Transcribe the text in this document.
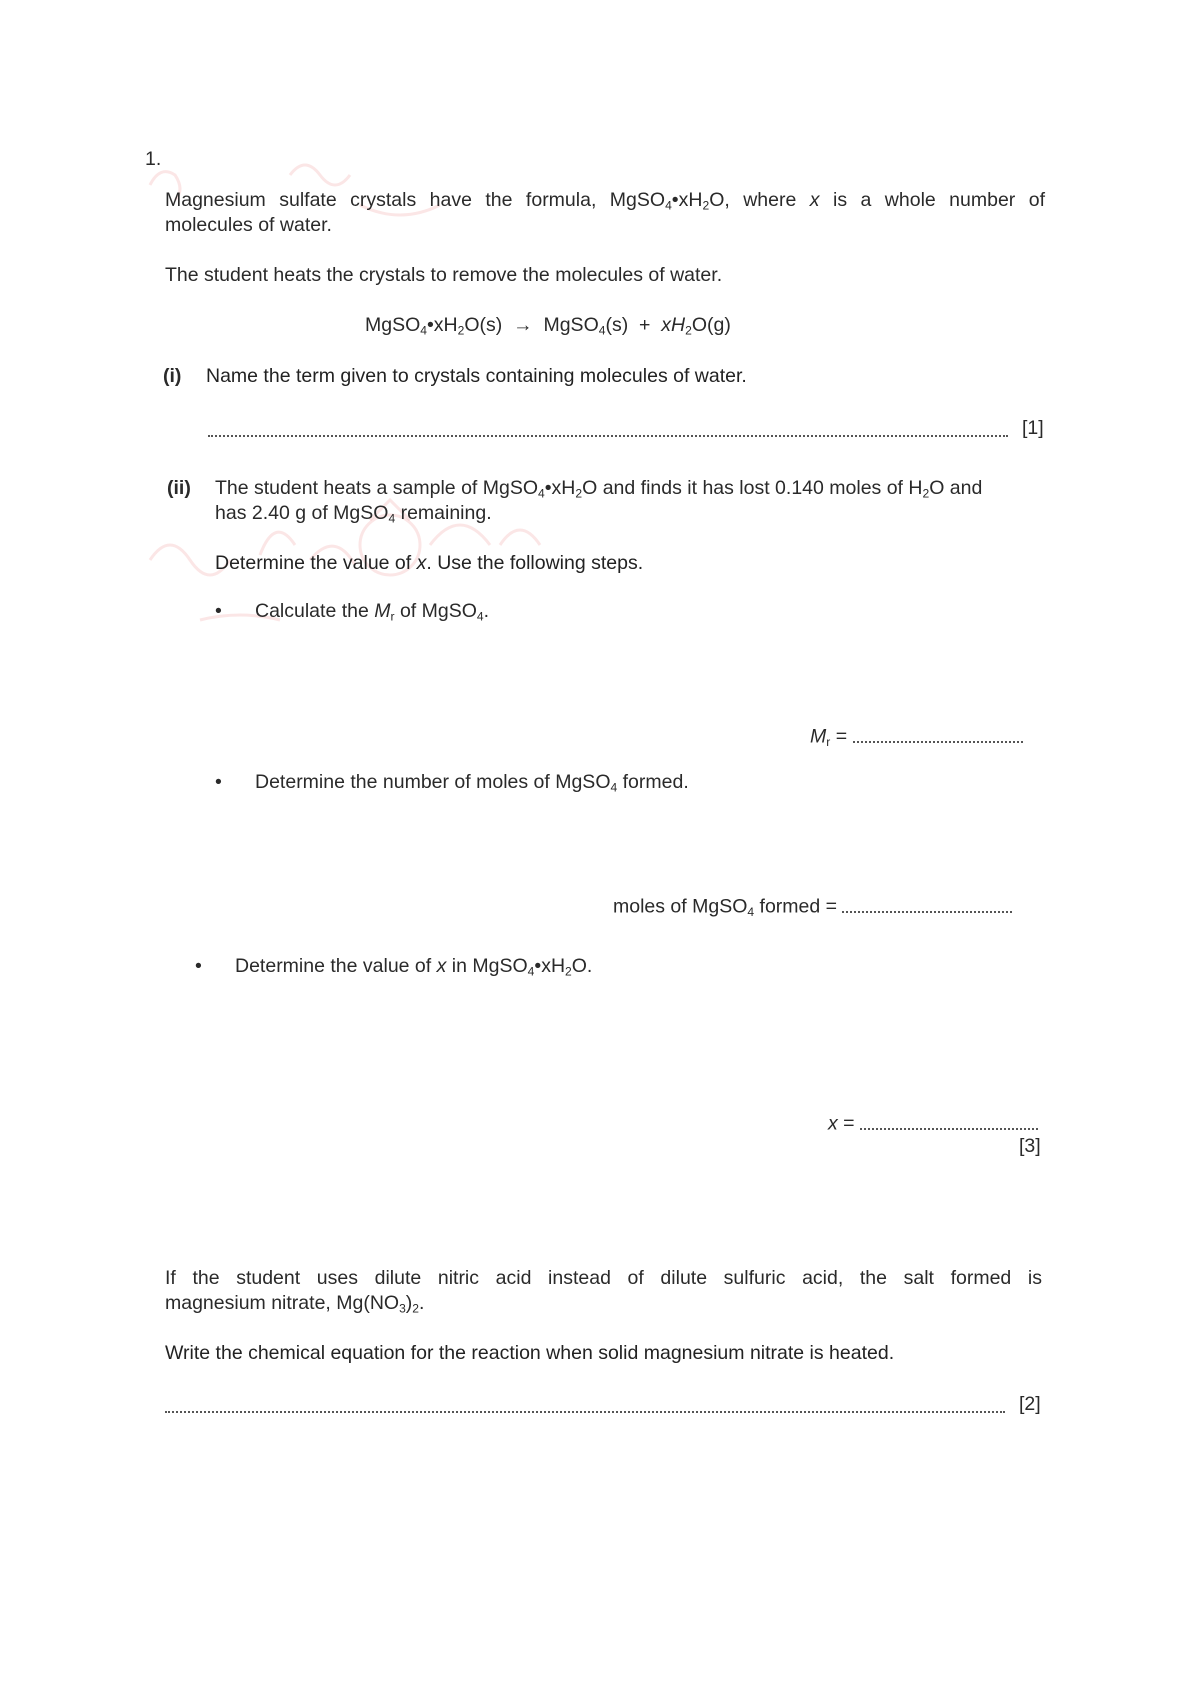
1.
Magnesium sulfate crystals have the formula, $MgSO_4•xH_2O$, where x is a whole number of
molecules of water.
The student heats the crystals to remove the molecules of water.
$MgSO_4•xH_2O(s)$ → MgSO$_4$(s) + $xH_2O(g)$
(i) Name the term given to crystals containing molecules of water.
[1]
(ii) The student heats a sample of $MgSO_4•xH_2O$ and finds it has lost 0.140 moles of $H_2O$ and
has 2.40 g of MgSO$_4$ remaining.
Determine the value of x. Use the following steps.
• Calculate the $M_r$ of MgSO$_4$.
$M_r$ =
• Determine the number of moles of MgSO$_4$ formed.
moles of MgSO$_4$ formed =
• Determine the value of x in $MgSO_4•xH_2O$.
x =
[3]
If the student uses dilute nitric acid instead of dilute sulfuric acid, the salt formed is
magnesium nitrate, $Mg(NO_3)_2$.
Write the chemical equation for the reaction when solid magnesium nitrate is heated.
[2]
